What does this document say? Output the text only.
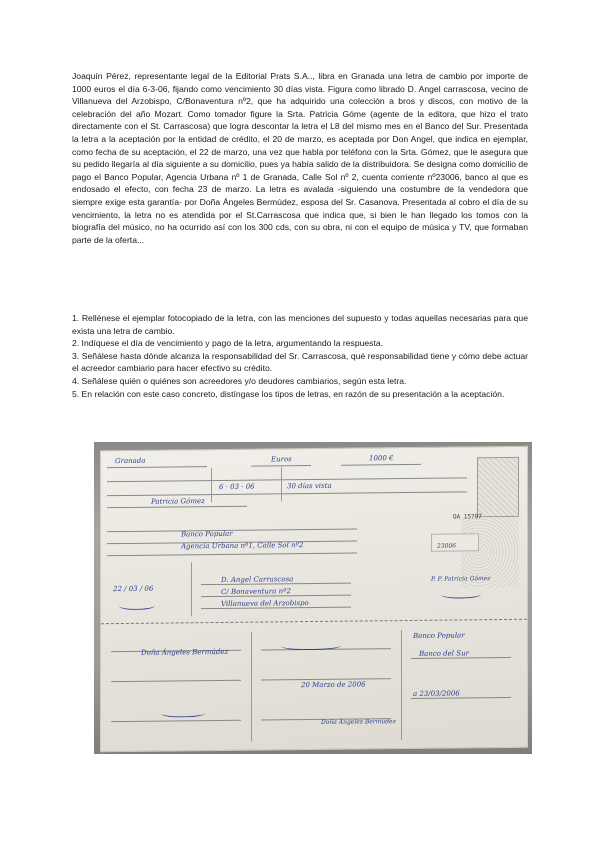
Joaquín Pérez, representante legal de la Editorial Prats S.A.., libra en Granada una letra de cambio por importe de 1000 euros el día 6-3-06, fijando como vencimiento 30 días vista. Figura como librado D. Angel carrascosa, vecino de Villanueva del Arzobispo, C/Bonaventura nº2, que ha adquirido una colección a bros y discos, con motivo de la celebración del año Mozart. Como tomador figure la Srta. Patricia Góme (agente de la editora, que hizo el trato directamente con el St. Carrascosa) que logra descontar la letra el L8 del mismo mes en el Banco del Sur. Presentada la letra a la aceptación por la entidad de crédito, el 20 de marzo, es aceptada por Don Angel, que indica en ejemplar, como fecha de su aceptación, el 22 de marzo, una vez que habla por teléfono con la Srta. Gómez, que le asegura que su pedido llegaría al día siguiente a su domicilio, pues ya había salido de la distribuidora. Se designa como domicilio de pago el Banco Popular, Agencia Urbana nº 1 de Granada, Calle Sol nº 2, cuenta corriente nº23006, banco al que es endosado el efecto, con fecha 23 de marzo. La letra es avalada -siguiendo una costumbre de la vendedora que siempre exige esta garantía- por Doña Ángeles Bermúdez, esposa del Sr. Casanova. Presentada al cobro el día de su vencimiento, la letra no es atendida por el St.Carrascosa que indica que, si bien le han llegado los tomos con la biografía del músico, no ha ocurrido así con los 300 cds, con su obra, ni con el equipo de música y TV, que formaban parte de la oferta...

1. Rellénese el ejemplar fotocopiado de la letra, con las menciones del supuesto y todas aquellas necesarias para que exista una letra de cambio.
2. Indíquese el día de vencimiento y pago de la letra, argumentando la respuesta.
3. Señálese hasta dónde alcanza la responsabilidad del Sr. Carrascosa, qué responsabilidad tiene y cómo debe actuar el acreedor cambiario para hacer efectivo su crédito.
4. Señálese quién o quiénes son acreedores y/o deudores cambiarios, según esta letra.
5. En relación con este caso concreto, distíngase los tipos de letras, en razón de su presentación a la aceptación.
Granada	Euros	1000 €
6 · 03 · 06	30 días vista
Patricia Gómez
OA 15707
Banco Popular
Agencia Urbana nº1, Calle Sol nº2	23006
22 / 03 / 06
D. Angel Carrascosa
C/ Bonaventura nº2
Villanueva del Arzobispo
P. P. Patricia Gómez
Doña Ángeles Bermúdez
Banco Popular
Banco del Sur
20 Marzo de 2006
a 23/03/2006
Doña Ángeles Bermúdez
